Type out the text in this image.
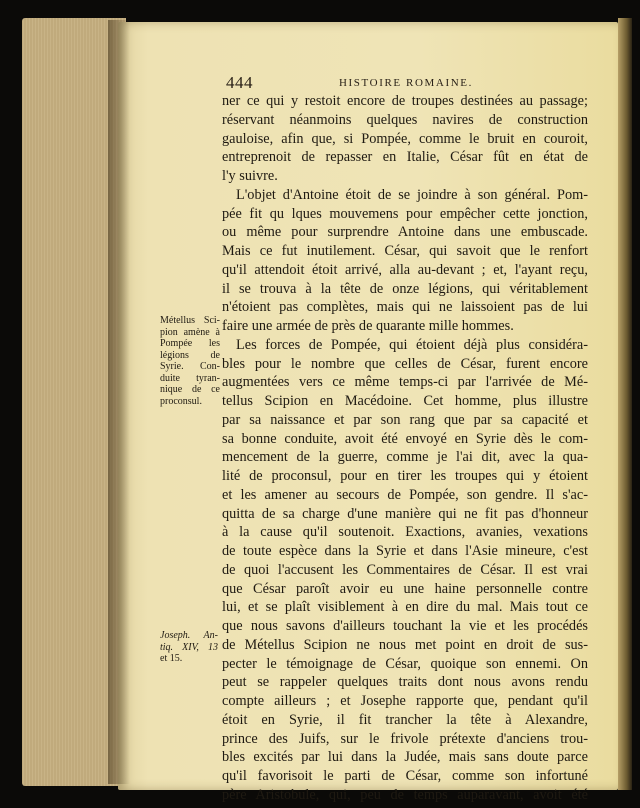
444	HISTOIRE ROMAINE.
ner ce qui y restoit encore de troupes destinées au passage;
réservant néanmoins quelques navires de construction
gauloise, afin que, si Pompée, comme le bruit en couroit,
entreprenoit de repasser en Italie, César fût en état de
l'y suivre.
L'objet d'Antoine étoit de se joindre à son général. Pom-
pée fit qu lques mouvemens pour empêcher cette jonction,
ou même pour surprendre Antoine dans une embuscade.
Mais ce fut inutilement. César, qui savoit que le renfort
qu'il attendoit étoit arrivé, alla au-devant ; et, l'ayant reçu,
il se trouva à la tête de onze légions, qui véritablement
n'étoient pas complètes, mais qui ne laissoient pas de lui
faire une armée de près de quarante mille hommes.
Les forces de Pompée, qui étoient déjà plus considéra-
bles pour le nombre que celles de César, furent encore
augmentées vers ce même temps-ci par l'arrivée de Mé-
tellus Scipion en Macédoine. Cet homme, plus illustre
par sa naissance et par son rang que par sa capacité et
sa bonne conduite, avoit été envoyé en Syrie dès le com-
mencement de la guerre, comme je l'ai dit, avec la qua-
lité de proconsul, pour en tirer les troupes qui y étoient
et les amener au secours de Pompée, son gendre. Il s'ac-
quitta de sa charge d'une manière qui ne fit pas d'honneur
à la cause qu'il soutenoit. Exactions, avanies, vexations
de toute espèce dans la Syrie et dans l'Asie mineure, c'est
de quoi l'accusent les Commentaires de César. Il est vrai
que César paroît avoir eu une haine personnelle contre
lui, et se plaît visiblement à en dire du mal. Mais tout ce
que nous savons d'ailleurs touchant la vie et les procédés
de Métellus Scipion ne nous met point en droit de sus-
pecter le témoignage de César, quoique son ennemi. On
peut se rappeler quelques traits dont nous avons rendu
compte ailleurs ; et Josephe rapporte que, pendant qu'il
étoit en Syrie, il fit trancher la tête à Alexandre,
prince des Juifs, sur le frivole prétexte d'anciens trou-
bles excités par lui dans la Judée, mais sans doute parce
qu'il favorisoit le parti de César, comme son infortuné
père Aristobule, qui, peu de temps auparavant, avoit été
Métellus Sci-
pion amène à
Pompée les
légions de
Syrie. Con-
duite tyran-
nique de ce
proconsul.
Joseph. An-
tiq. XIV, 13
et 15.
